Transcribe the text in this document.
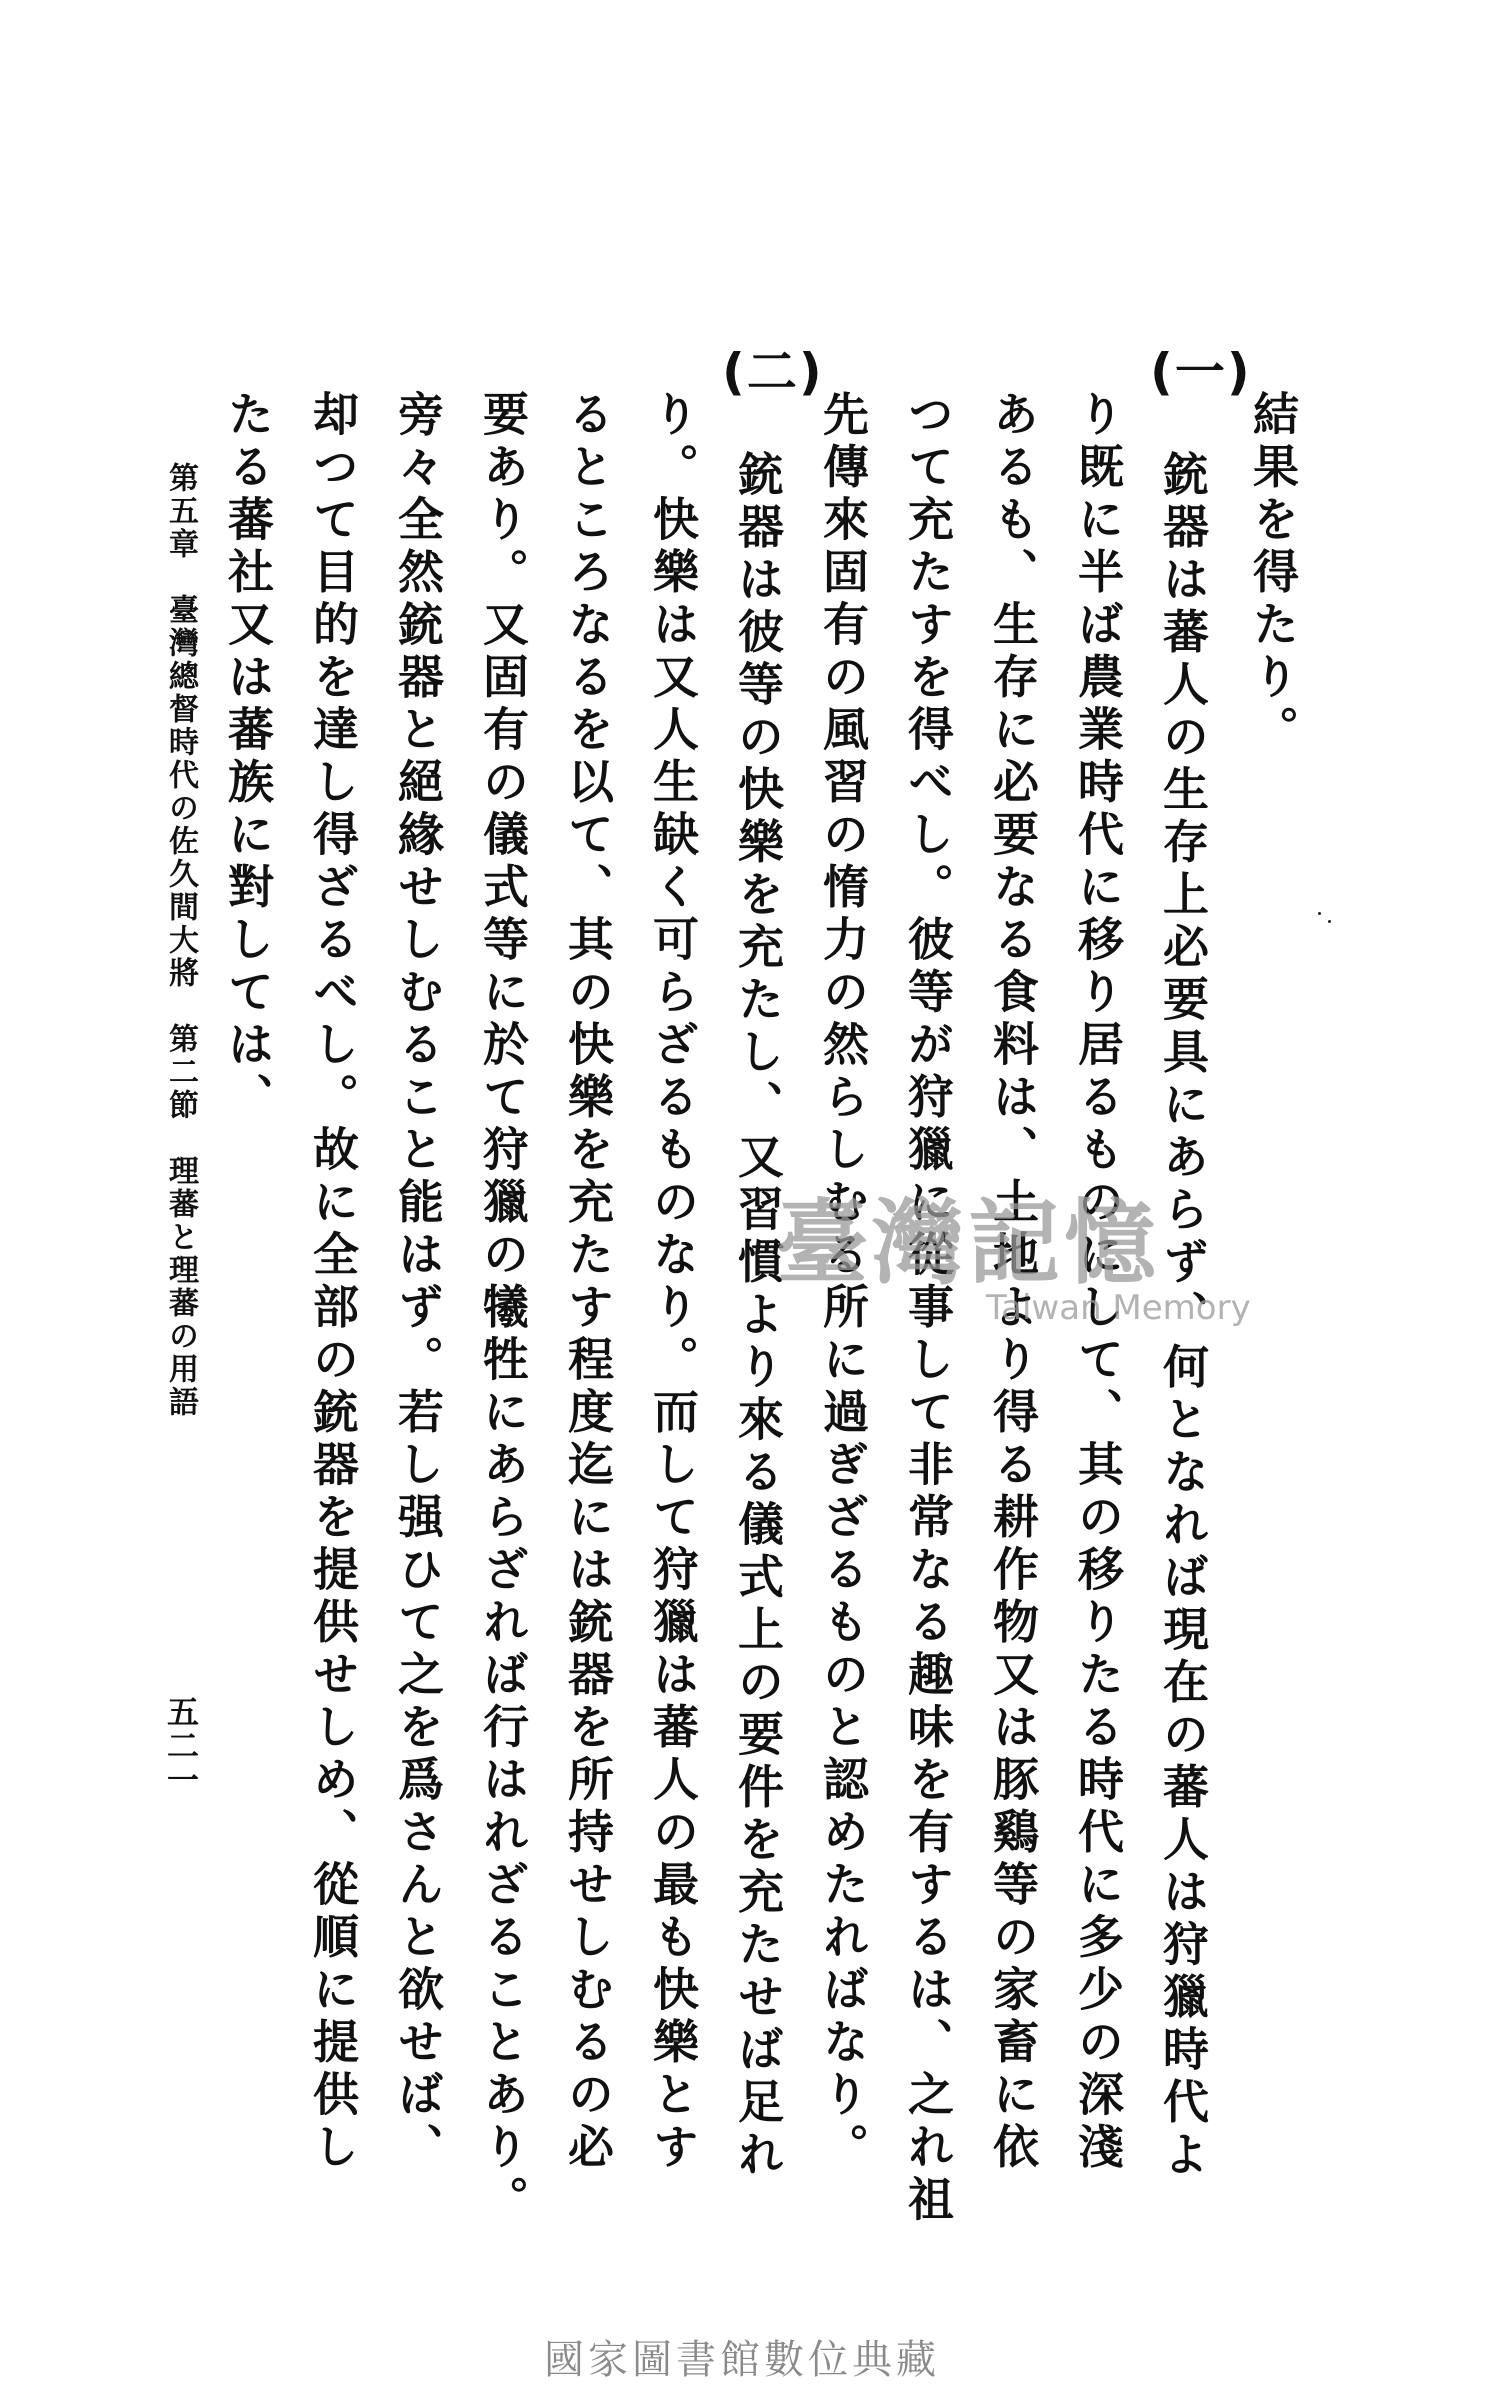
(一)
(二)
結果を得たり。
銃器は蕃人の生存上必要具にあらず、何となれば現在の蕃人は狩獵時代よ
り既に半ば農業時代に移り居るものにして、其の移りたる時代に多少の深淺
あるも、生存に必要なる食料は、土地より得る耕作物又は豚鷄等の家畜に依
つて充たすを得べし。彼等が狩獵に從事して非常なる趣味を有するは、之れ祖
先傳來固有の風習の惰力の然らしむる所に過ぎざるものと認めたればなり。
銃器は彼等の快樂を充たし、又習慣より來る儀式上の要件を充たせば足れ
り。快樂は又人生缺く可らざるものなり。而して狩獵は蕃人の最も快樂とす
るところなるを以て、其の快樂を充たす程度迄には銃器を所持せしむるの必
要あり。又固有の儀式等に於て狩獵の犧牲にあらざれば行はれざることあり。
旁々全然銃器と絕緣せしむること能はず。若し强ひて之を爲さんと欲せば、
却つて目的を達し得ざるべし。故に全部の銃器を提供せしめ、從順に提供し
たる蕃社又は蕃族に對しては、
第五章　臺灣總督時代の佐久間大將　第二節　理蕃と理蕃の用語
五二一
臺灣記憶
Taiwan Memory
國家圖書館數位典藏
